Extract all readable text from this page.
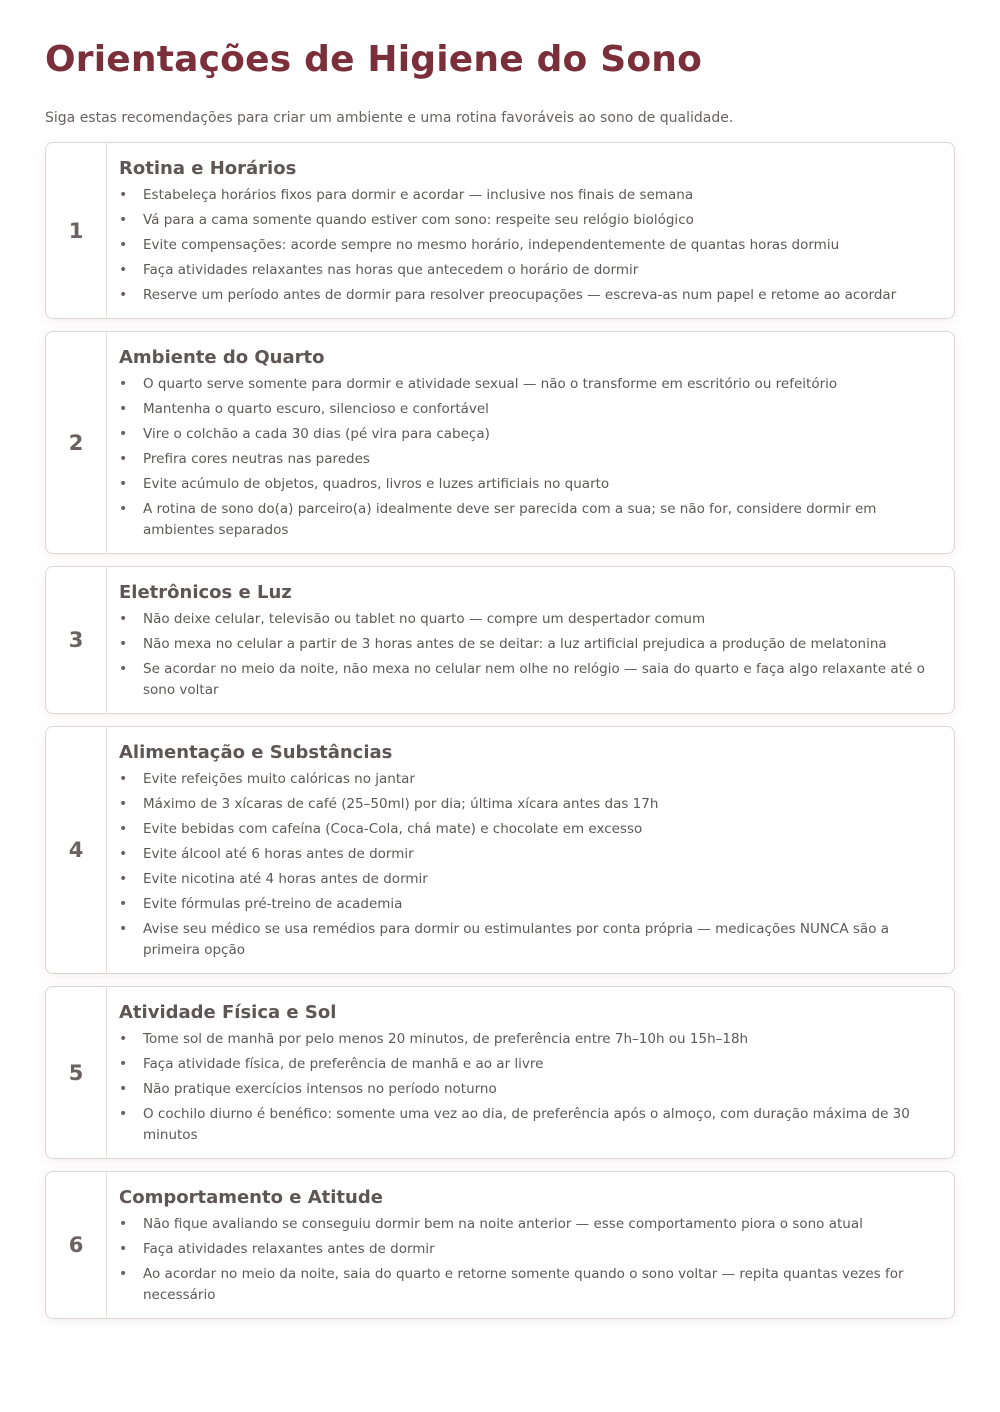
Orientações de Higiene do Sono

Siga estas recomendações para criar um ambiente e uma rotina favoráveis ao sono de qualidade.

1
Rotina e Horários
• Estabeleça horários fixos para dormir e acordar — inclusive nos finais de semana
• Vá para a cama somente quando estiver com sono: respeite seu relógio biológico
• Evite compensações: acorde sempre no mesmo horário, independentemente de quantas horas dormiu
• Faça atividades relaxantes nas horas que antecedem o horário de dormir
• Reserve um período antes de dormir para resolver preocupações — escreva-as num papel e retome ao acordar
2
Ambiente do Quarto
• O quarto serve somente para dormir e atividade sexual — não o transforme em escritório ou refeitório
• Mantenha o quarto escuro, silencioso e confortável
• Vire o colchão a cada 30 dias (pé vira para cabeça)
• Prefira cores neutras nas paredes
• Evite acúmulo de objetos, quadros, livros e luzes artificiais no quarto
• A rotina de sono do(a) parceiro(a) idealmente deve ser parecida com a sua; se não for, considere dormir em ambientes separados
3
Eletrônicos e Luz
• Não deixe celular, televisão ou tablet no quarto — compre um despertador comum
• Não mexa no celular a partir de 3 horas antes de se deitar: a luz artificial prejudica a produção de melatonina
• Se acordar no meio da noite, não mexa no celular nem olhe no relógio — saia do quarto e faça algo relaxante até o sono voltar
4
Alimentação e Substâncias
• Evite refeições muito calóricas no jantar
• Máximo de 3 xícaras de café (25–50ml) por dia; última xícara antes das 17h
• Evite bebidas com cafeína (Coca-Cola, chá mate) e chocolate em excesso
• Evite álcool até 6 horas antes de dormir
• Evite nicotina até 4 horas antes de dormir
• Evite fórmulas pré-treino de academia
• Avise seu médico se usa remédios para dormir ou estimulantes por conta própria — medicações NUNCA são a primeira opção
5
Atividade Física e Sol
• Tome sol de manhã por pelo menos 20 minutos, de preferência entre 7h–10h ou 15h–18h
• Faça atividade física, de preferência de manhã e ao ar livre
• Não pratique exercícios intensos no período noturno
• O cochilo diurno é benéfico: somente uma vez ao dia, de preferência após o almoço, com duração máxima de 30 minutos
6
Comportamento e Atitude
• Não fique avaliando se conseguiu dormir bem na noite anterior — esse comportamento piora o sono atual
• Faça atividades relaxantes antes de dormir
• Ao acordar no meio da noite, saia do quarto e retorne somente quando o sono voltar — repita quantas vezes for necessário
